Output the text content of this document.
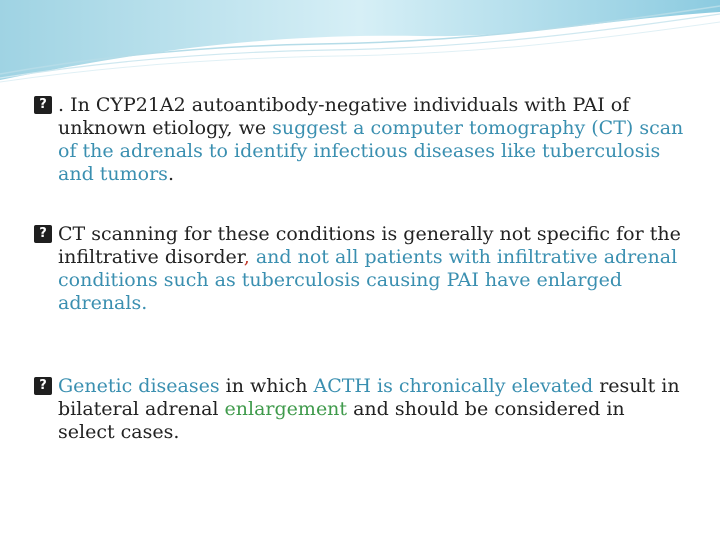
? . In CYP21A2 autoantibody-negative individuals with PAI of unknown etiology, we suggest a computer tomography (CT) scan of the adrenals to identify infectious diseases like tuberculosis and tumors.

? CT scanning for these conditions is generally not specific for the infiltrative disorder, and not all patients with infiltrative adrenal conditions such as tuberculosis causing PAI have enlarged adrenals.

? Genetic diseases in which ACTH is chronically elevated result in bilateral adrenal enlargement and should be considered in select cases.
